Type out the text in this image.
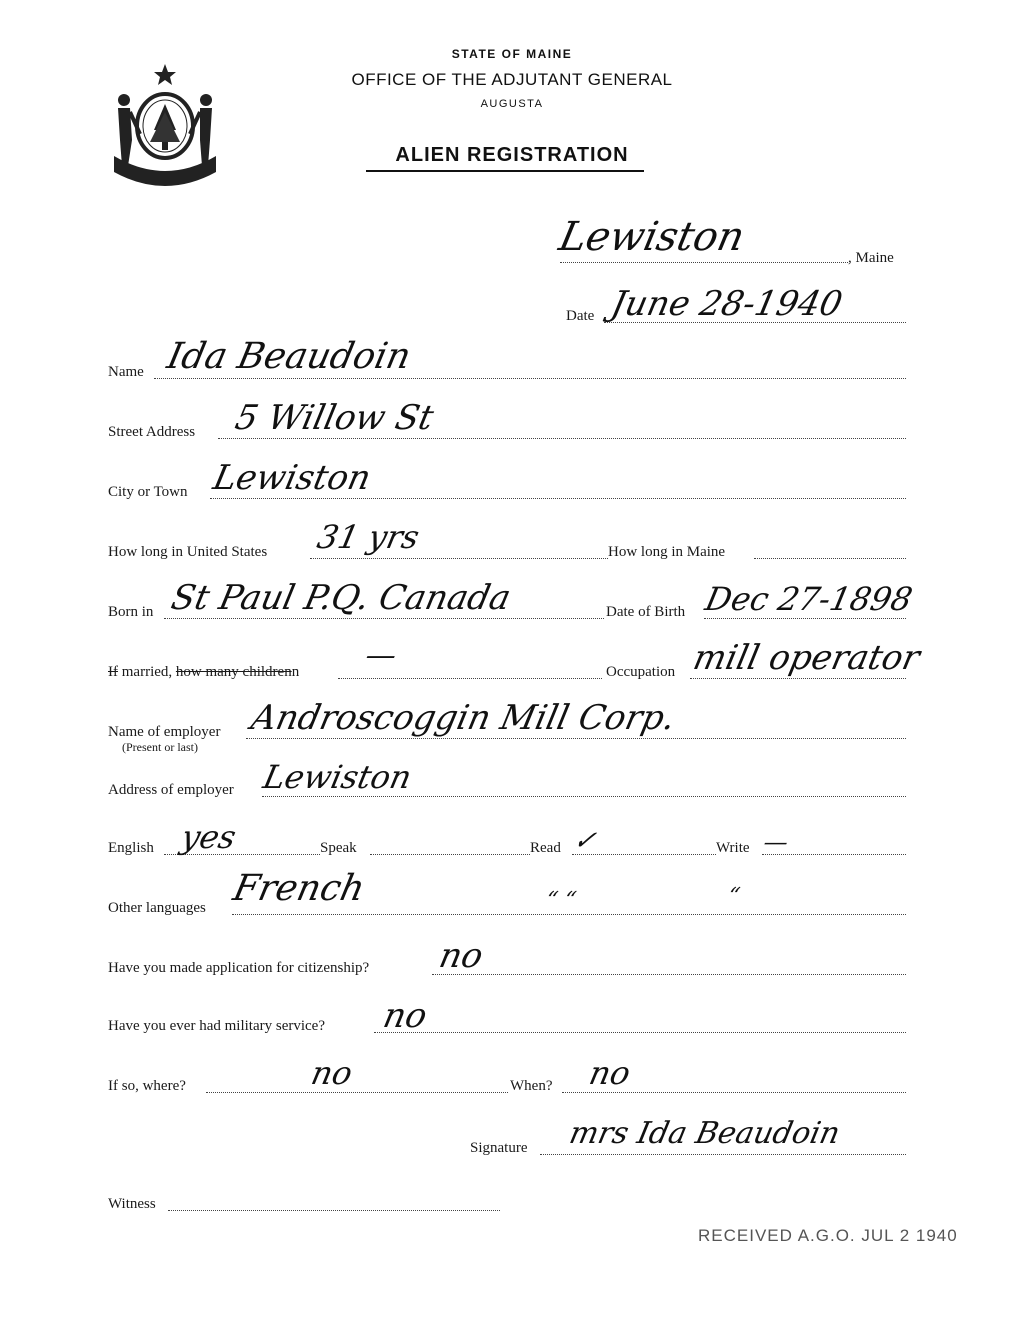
STATE OF MAINE
OFFICE OF THE ADJUTANT GENERAL
AUGUSTA
ALIEN REGISTRATION
Lewiston	, Maine
Date June 28-1940
Name Ida Beaudoin
Street Address 5 Willow St
City or Town Lewiston
How long in United States 31 yrs	How long in Maine
Born in St Paul P.Q. Canada	Date of Birth Dec 27-1898
If married, how many childrenn —	Occupation mill operator
Name of employer
(Present or last)
Androscoggin Mill Corp.
Address of employer Lewiston
English yes	Speak	Read ✓	Write —
Other languages French	“ “	“
Have you made application for citizenship? no
Have you ever had military service? no
If so, where?	no	When? no
Signature mrs Ida Beaudoin
Witness
RECEIVED A.G.O. JUL 2 1940
